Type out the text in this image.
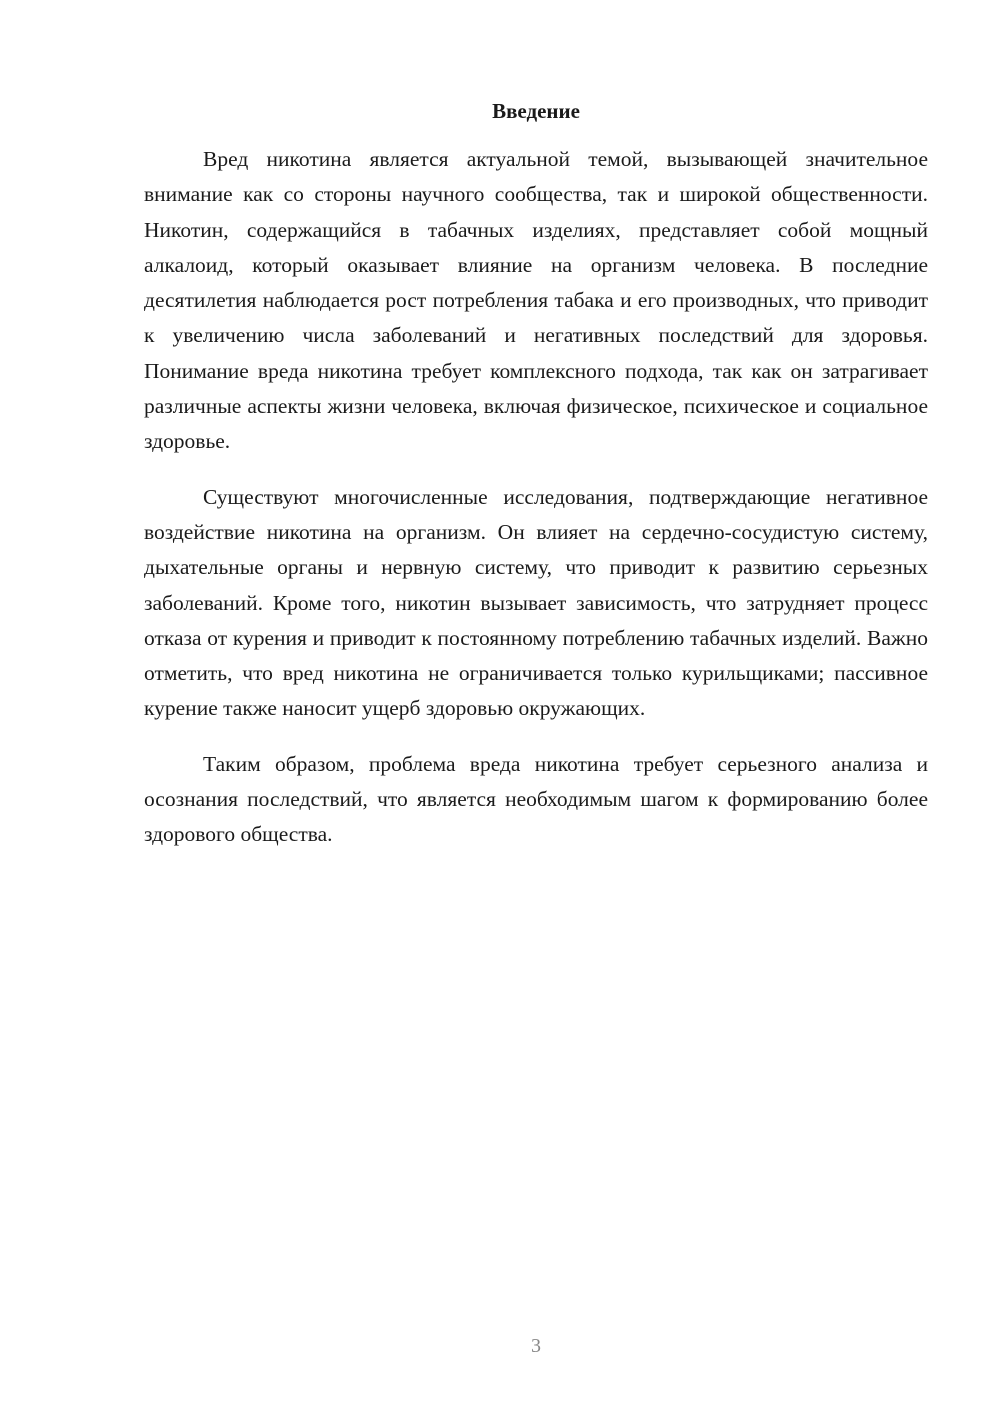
Введение

Вред никотина является актуальной темой, вызывающей значительное внимание как со стороны научного сообщества, так и широкой общественности. Никотин, содержащийся в табачных изделиях, представляет собой мощный алкалоид, который оказывает влияние на организм человека. В последние десятилетия наблюдается рост потребления табака и его производных, что приводит к увеличению числа заболеваний и негативных последствий для здоровья. Понимание вреда никотина требует комплексного подхода, так как он затрагивает различные аспекты жизни человека, включая физическое, психическое и социальное здоровье.

Существуют многочисленные исследования, подтверждающие негативное воздействие никотина на организм. Он влияет на сердечно-сосудистую систему, дыхательные органы и нервную систему, что приводит к развитию серьезных заболеваний. Кроме того, никотин вызывает зависимость, что затрудняет процесс отказа от курения и приводит к постоянному потреблению табачных изделий. Важно отметить, что вред никотина не ограничивается только курильщиками; пассивное курение также наносит ущерб здоровью окружающих.

Таким образом, проблема вреда никотина требует серьезного анализа и осознания последствий, что является необходимым шагом к формированию более здорового общества.

3
